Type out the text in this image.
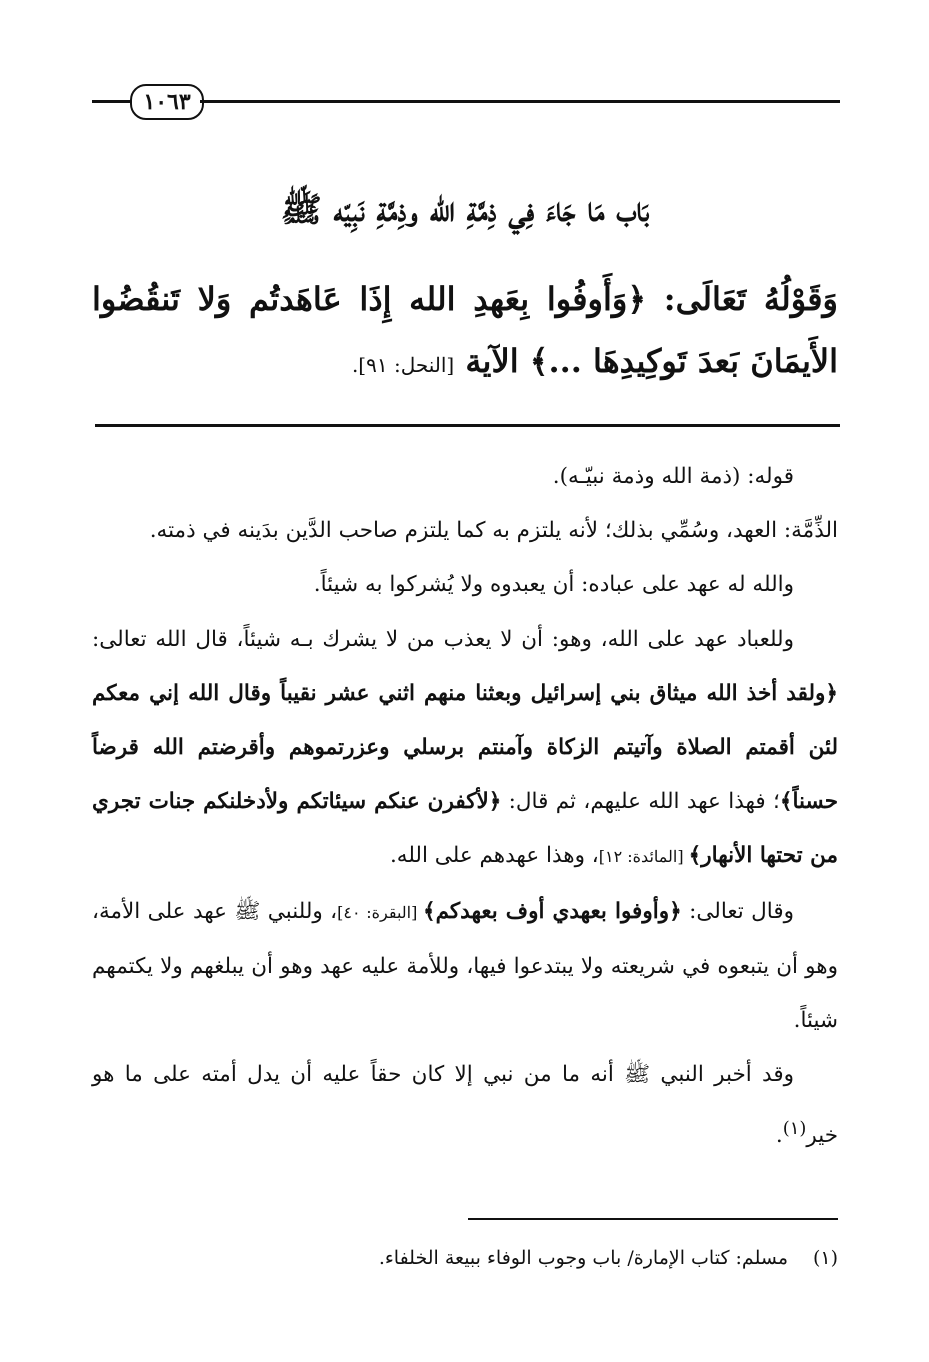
١٠٦٣
بَاب مَا جَاءَ فِي ذِمَّةِ الله وذِمَّةِ نَبِيّه ﷺ
وَقَوْلُهُ تَعَالَى: ﴿وَأَوفُوا بِعَهدِ الله إِذَا عَاهَدتُم وَلا تَنقُضُوا الأَيمَانَ بَعدَ تَوكِيدِهَا ...﴾ الآية [النحل: ٩١].

قوله: (ذمة الله وذمة نبيّـه).

الذِّمَّة: العهد، وسُمِّي بذلك؛ لأنه يلتزم به كما يلتزم صاحب الدَّين بدَينه في ذمته.

والله له عهد على عباده: أن يعبدوه ولا يُشركوا به شيئاً.

وللعباد عهد على الله، وهو: أن لا يعذب من لا يشرك بـه شيئاً، قال الله تعالى: ﴿ولقد أخذ الله ميثاق بني إسرائيل وبعثنا منهم اثني عشر نقيباً وقال الله إني معكم لئن أقمتم الصلاة وآتيتم الزكاة وآمنتم برسلي وعزرتموهم وأقرضتم الله قرضاً حسناً﴾؛ فهذا عهد الله عليهم، ثم قال: ﴿لأكفرن عنكم سيئاتكم ولأدخلنكم جنات تجري من تحتها الأنهار﴾ [المائدة: ١٢]، وهذا عهدهم على الله.

وقال تعالى: ﴿وأوفوا بعهدي أوف بعهدكم﴾ [البقرة: ٤٠]، وللنبي ﷺ عهد على الأمة، وهو أن يتبعوه في شريعته ولا يبتدعوا فيها، وللأمة عليه عهد وهو أن يبلغهم ولا يكتمهم شيئاً.

وقد أخبر النبي ﷺ أنه ما من نبي إلا كان حقاً عليه أن يدل أمته على ما هو خير$^{(١)}$.

(١)مسلم: كتاب الإمارة/ باب وجوب الوفاء ببيعة الخلفاء.
